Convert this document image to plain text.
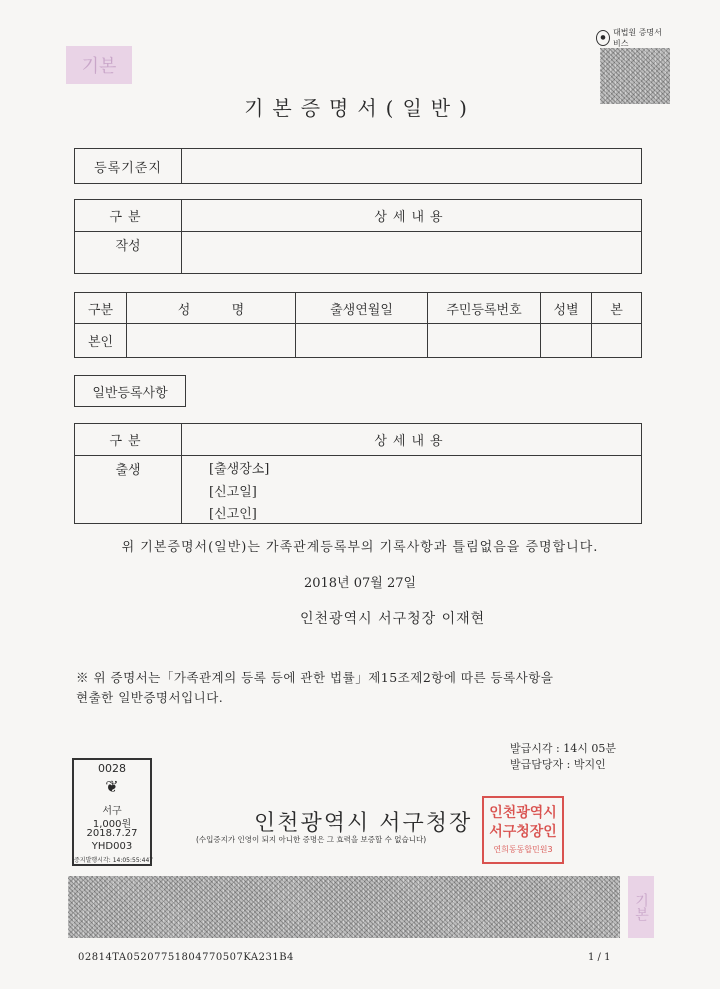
기본
●
대법원 증명서비스
기본증명서(일반)
등록기준지
구분	상세내용
작성
구분	성          명	출생연월일	주민등록번호	성별	본
본인
일반등록사항
구분	상세내용
출생	[출생장소]
[신고일]
[신고인]
위 기본증명서(일반)는 가족관계등록부의 기록사항과 틀림없음을 증명합니다.
2018년 07월 27일
인천광역시 서구청장 이재현
※ 위 증명서는「가족관계의 등록 등에 관한 법률」제15조제2항에 따른 등록사항을
현출한 일반증명서입니다.
발급시각 : 14시 05분
발급담당자 : 박지인
0028
❦
서구
1,000원
2018.7.27
YHD003
증지발행시각: 14:05:55:447
인천광역시 서구청장
(수입증지가 인영이 되지 아니한 증명은 그 효력을 보증할 수 없습니다)
인천광역시
서구청장인
연희동동합민원3
기본
02814TA052077518047705​07KA231B4	1 / 1
